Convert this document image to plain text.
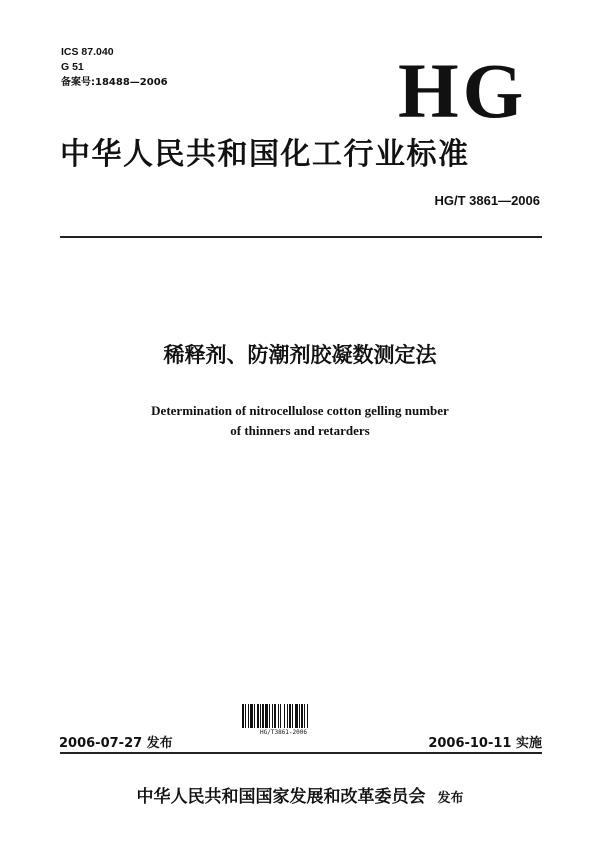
ICS 87.040
G 51
备案号:18488—2006	HG
中华人民共和国化工行业标准
HG/T 3861—2006
稀释剂、防潮剂胶凝数测定法
Determination of nitrocellulose cotton gelling number
of thinners and retarders
HG/T3861-2006
2006-07-27 发布	2006-10-11 实施
中华人民共和国国家发展和改革委员会 发布
